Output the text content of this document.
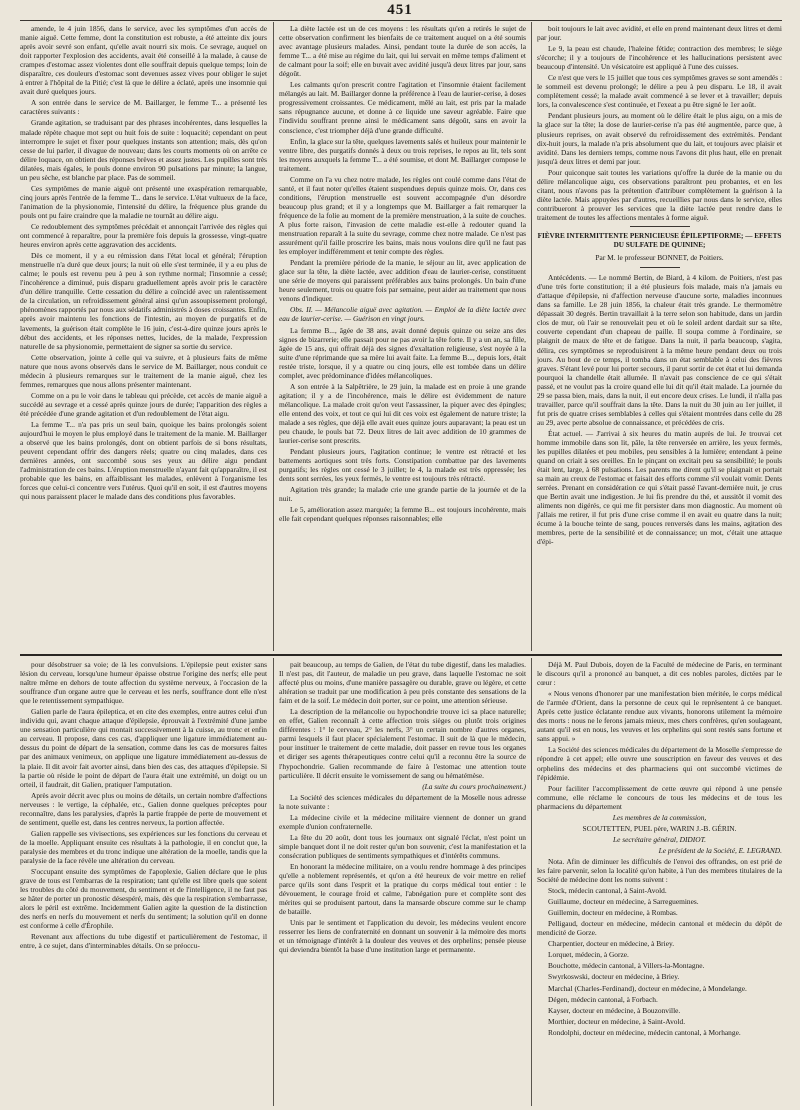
451

amende, le 4 juin 1856, dans le service, avec les symptômes d'un accès de manie aiguë. Cette femme, dont la constitution est robuste, a été atteinte dix jours après avoir sevré son enfant, qu'elle avait nourri six mois. Ce sevrage, auquel on doit rapporter l'explosion des accidents, avait été conseillé à la malade, à cause de crampes d'estomac assez violentes dont elle souffrait depuis quelque temps; loin de disparaître, ces douleurs d'estomac sont devenues assez vives pour obliger le sujet à entrer à l'hôpital de la Pitié; c'est là que le délire a éclaté, après une insomnie qui avait duré quelques jours.

A son entrée dans le service de M. Baillarger, le femme T... a présenté les caractères suivants :

Grande agitation, se traduisant par des phrases incohérentes, dans lesquelles la malade répète chaque mot sept ou huit fois de suite : loquacité; cependant on peut interrompre le sujet et fixer pour quelques instants son attention; mais, dès qu'on cesse de lui parler, il divague de nouveau; dans les courts moments où on arrête ce délire loquace, on obtient des réponses brèves et assez justes. Les pupilles sont très dilatées, mais égales, le pouls donne environ 90 pulsations par minute; la langue, un peu sèche, est blanche par place. Pas de sommeil.

Ces symptômes de manie aiguë ont présenté une exaspération remarquable, cinq jours après l'entrée de la femme T... dans le service. L'état vultueux de la face, l'animation de la physionomie, l'intensité du délire, la fréquence plus grande du pouls ont pu faire craindre que la maladie ne tournât au délire aigu.

Ce redoublement des symptômes précédait et annonçait l'arrivée des règles qui ont commencé à reparaître, pour la première fois depuis la grossesse, vingt-quatre heures environ après cette aggravation des accidents.

Dès ce moment, il y a eu rémission dans l'état local et général; l'éruption menstruelle n'a duré que deux jours; la nuit où elle s'est terminée, il y a eu plus de calme; le pouls est revenu peu à peu à son rythme normal; l'insomnie a cessé; l'incohérence a diminué, puis disparu graduellement après avoir pris le caractère d'un délire tranquille. Cette cessation du délire a coïncidé avec un ralentissement de la circulation, un refroidissement général ainsi qu'un assoupissement prolongé, phénomènes rapportés par nous aux sédatifs administrés à doses croissantes. Enfin, après avoir maintenu les fonctions de l'intestin, au moyen de purgatifs et de lavements, la guérison était complète le 16 juin, c'est-à-dire quinze jours après le début des accidents, et les réponses nettes, lucides, de la malade, l'expression naturelle de sa physionomie, permettaient de signer sa sortie du service.

Cette observation, jointe à celle qui va suivre, et à plusieurs faits de même nature que nous avons observés dans le service de M. Baillarger, nous conduit ce médecin à plusieurs remarques sur le traitement de la manie aiguë, chez les femmes, remarques que nous allons présenter maintenant.

Comme on a pu le voir dans le tableau qui précède, cet accès de manie aiguë a succédé au sevrage et a cessé après quinze jours de durée; l'apparition des règles a été précédée d'une grande agitation et d'un redoublement de l'état aigu.

La femme T... n'a pas pris un seul bain, quoique les bains prolongés soient aujourd'hui le moyen le plus employé dans le traitement de la manie. M. Baillarger a observé que les bains prolongés, dont on obtient parfois de si bons résultats, peuvent cependant offrir des dangers réels; quatre ou cinq malades, dans ces dernières années, ont succombé sous ses yeux au délire aigu pendant l'administration de ces bains. L'éruption menstruelle n'ayant fait qu'apparaître, il est probable que les bains, en affaiblissant les malades, enlèvent à l'organisme les forces que celui-ci concentre vers l'utérus. Quoi qu'il en soit, il est d'autres moyens qui nous paraissent placer le malade dans des conditions plus favorables.

La diète lactée est un de ces moyens : les résultats qu'en a retirés le sujet de cette observation confirment les bienfaits de ce traitement auquel on a été soumis avec avantage plusieurs malades. Ainsi, pendant toute la durée de son accès, la femme T... a été mise au régime du lait, qui lui servait en même temps d'aliment et de calmant pour la soif; elle en buvait avec avidité jusqu'à deux litres par jour, sans dégoût.

Les calmants qu'on prescrit contre l'agitation et l'insomnie étaient facilement mélangés au lait. M. Baillarger donne la préférence à l'eau de laurier-cerise, à doses progressivement croissantes. Ce médicament, mêlé au lait, est pris par la malade sans répugnance aucune, et donne à ce liquide une saveur agréable. Faire que l'individu souffrant prenne ainsi le médicament sans dégoût, sans en avoir la conscience, c'est triompher déjà d'une grande difficulté.

Enfin, la glace sur la tête, quelques lavements salés et huileux pour maintenir le ventre libre, des purgatifs donnés à deux ou trois reprises, le repos au lit, tels sont les moyens auxquels la femme T... a été soumise, et dont M. Baillarger compose le traitement.

Comme on l'a vu chez notre malade, les règles ont coulé comme dans l'état de santé, et il faut noter qu'elles étaient suspendues depuis quinze mois. Or, dans ces conditions, l'éruption menstruelle est souvent accompagnée d'un désordre beaucoup plus grand; et il y a longtemps que M. Baillarger a fait remarquer la fréquence de la folie au moment de la première menstruation, à la suite de couches. A plus forte raison, l'invasion de cette maladie est-elle à redouter quand la menstruation reparaît à la suite du sevrage, comme chez notre malade. Ce n'est pas assurément qu'il faille proscrire les bains, mais nous voulons dire qu'il ne faut pas les employer indifféremment et tenir compte des règles.

Pendant la première période de la manie, le séjour au lit, avec application de glace sur la tête, la diète lactée, avec addition d'eau de laurier-cerise, constituent une série de moyens qui paraissent préférables aux bains prolongés. Un bain d'une heure seulement, trois ou quatre fois par semaine, peut aider au traitement que nous venons d'indiquer.

Obs. II. — Mélancolie aiguë avec agitation. — Emploi de la diète lactée avec eau de laurier-cerise. — Guérison en vingt jours.

La femme B..., âgée de 38 ans, avait donné depuis quinze ou seize ans des signes de bizarrerie; elle passait pour ne pas avoir la tête forte. Il y a un an, sa fille, âgée de 15 ans, qui offrait déjà des signes d'exaltation religieuse, s'est noyée à la suite d'une réprimande que sa mère lui avait faite. La femme B..., depuis lors, était restée triste, lorsque, il y a quatre ou cinq jours, elle est tombée dans un délire complet, avec prédominance d'idées mélancoliques.

A son entrée à la Salpêtrière, le 29 juin, la malade est en proie à une grande agitation; il y a de l'incohérence, mais le délire est évidemment de nature mélancolique. La malade croit qu'on veut l'assassiner, la piquer avec des épingles; elle entend des voix, et tout ce qui lui dit ces voix est également de nature triste; la malade a ses règles, que déjà elle avait eues quinze jours auparavant; la peau est un peu chaude, le pouls bat 72. Deux litres de lait avec addition de 10 grammes de laurier-cerise sont prescrits.

Pendant plusieurs jours, l'agitation continue; le ventre est rétracté et les battements aortiques sont très forts. Constipation combattue par des lavements purgatifs; les règles ont cessé le 3 juillet; le 4, la malade est très oppressée; les dents sont serrées, les yeux fermés, le ventre est toujours très rétracté.

Agitation très grande; la malade crie une grande partie de la journée et de la nuit.

Le 5, amélioration assez marquée; la femme B... est toujours incohérente, mais elle fait cependant quelques réponses raisonnables; elle

boit toujours le lait avec avidité, et elle en prend maintenant deux litres et demi par jour.

Le 9, la peau est chaude, l'haleine fétide; contraction des membres; le siège s'écorche; il y a toujours de l'incohérence et les hallucinations persistent avec beaucoup d'intensité. Un vésicatoire est appliqué à l'une des cuisses.

Ce n'est que vers le 15 juillet que tous ces symptômes graves se sont amendés : le sommeil est devenu prolongé; le délire a peu à peu disparu. Le 18, il avait complètement cessé; la malade avait commencé à se lever et à travailler; depuis lors, la convalescence s'est continuée, et l'exeat a pu être signé le 1er août.

Pendant plusieurs jours, au moment où le délire était le plus aigu, on a mis de la glace sur la tête; la dose de laurier-cerise n'a pas été augmentée, parce que, à plusieurs reprises, on avait observé du refroidissement des extrémités. Pendant dix-huit jours, la malade n'a pris absolument que du lait, et toujours avec plaisir et avidité. Dans les derniers temps, comme nous l'avons dit plus haut, elle en prenait jusqu'à deux litres et demi par jour.

Pour quiconque sait toutes les variations qu'offre la durée de la manie ou du délire mélancolique aigu, ces observations paraîtront peu probantes, et en les citant, nous n'avons pas la prétention d'attribuer complètement la guérison à la diète lactée. Mais appuyées par d'autres, recueillies par nous dans le service, elles contribueront à prouver les services que la diète lactée peut rendre dans le traitement de toutes les affections mentales à forme aiguë.

FIÈVRE INTERMITTENTE PERNICIEUSE ÉPILEPTIFORME; — EFFETS DU SULFATE DE QUININE;

Par M. le professeur BONNET, de Poitiers.

Antécédents. — Le nommé Bertin, de Biard, à 4 kilom. de Poitiers, n'est pas d'une très forte constitution; il a été plusieurs fois malade, mais n'a jamais eu d'attaque d'épilepsie, ni d'affection nerveuse d'aucune sorte, maladies inconnues dans sa famille. Le 28 juin 1856, la chaleur était très grande. Le thermomètre dépassait 30 degrés. Bertin travaillait à la terre selon son habitude, dans un jardin clos de mur, où l'air se renouvelait peu et où le soleil ardent dardait sur sa tête, couverte cependant d'un chapeau de paille. Il soupa comme à l'ordinaire, se plaignit de maux de tête et de fatigue. Dans la nuit, il parla beaucoup, s'agita, délira, ces symptômes se reproduisirent à la même heure pendant deux ou trois jours. Au bout de ce temps, il tomba dans un état semblable à celui des fièvres graves. S'étant levé pour lui porter secours, il parut sortir de cet état et lui demanda pourquoi la chandelle était allumée. Il n'avait pas conscience de ce qui s'était passé, et ne voulut pas la croire quand elle lui dit qu'il était malade. La journée du 29 se passa bien, mais, dans la nuit, il eut encore deux crises. Le lundi, il n'alla pas travailler, parce qu'il souffrait dans la tête. Dans la nuit du 30 juin au 1er juillet, il fut pris de quatre crises semblables à celles qui s'étaient montrées dans celle du 28 au 29, avec perte absolue de connaissance, et précédées de cris.

État actuel. — J'arrivai à six heures du matin auprès de lui. Je trouvai cet homme immobile dans son lit, pâle, la tête renversée en arrière, les yeux fermés, les pupilles dilatées et peu mobiles, peu sensibles à la lumière; entendant à peine quand on criait à ses oreilles. En le pinçant on excitait peu sa sensibilité; le pouls était lent, large, à 68 pulsations. Les parents me dirent qu'il se plaignait et portait sa main au creux de l'estomac et faisait des efforts comme s'il voulait vomir. Dents serrées. Prenant en considération ce qui s'était passé l'avant-dernière nuit, je crus que Bertin avait une indigestion. Je lui fis prendre du thé, et aussitôt il vomit des aliments non digérés, ce qui me fit persister dans mon diagnostic. Au moment où j'allais me retirer, il fut pris d'une crise comme il en avait eu quatre dans la nuit; écume à la bouche teinte de sang, pouces renversés dans les mains, agitation des membres, perte de la sensibilité et de connaissance; un mot, c'était une attaque d'épi-

pour désobstruer sa voie; de là les convulsions. L'épilepsie peut exister sans lésion du cerveau, lorsqu'une humeur épaisse obstrue l'origine des nerfs; elle peut naître même en dehors de toute affection du système nerveux, à l'occasion de la souffrance d'un organe autre que le cerveau et les nerfs, souffrance dont elle n'est que le retentissement sympathique.

Galien parle de l'aura épileptica, et en cite des exemples, entre autres celui d'un individu qui, avant chaque attaque d'épilepsie, éprouvait à l'extrémité d'une jambe une sensation particulière qui montait successivement à la cuisse, au tronc et enfin au cerveau. Il propose, dans ces cas, d'appliquer une ligature immédiatement au-dessus du point de départ de la sensation, comme dans les cas de morsures faites par des animaux venimeux, on applique une ligature immédiatement au-dessus de la plaie. Il dit avoir fait avorter ainsi, dans bien des cas, des attaques d'épilepsie. Si la partie où réside le point de départ de l'aura était une extrémité, un doigt ou un orteil, il faudrait, dit Galien, pratiquer l'amputation.

Après avoir décrit avec plus ou moins de détails, un certain nombre d'affections nerveuses : le vertige, la céphalée, etc., Galien donne quelques préceptes pour reconnaître, dans les paralysies, d'après la partie frappée de perte de mouvement et de sentiment, quelle est, dans les centres nerveux, la portion affectée.

Galien rappelle ses vivisections, ses expériences sur les fonctions du cerveau et de la moelle. Appliquant ensuite ces résultats à la pathologie, il en conclut que, la paralysie des membres et du tronc indique une altération de la moelle, tandis que la paralysie de la face révèle une altération du cerveau.

S'occupant ensuite des symptômes de l'apoplexie, Galien déclare que le plus grave de tous est l'embarras de la respiration; tant qu'elle est libre quels que soient les troubles du côté du mouvement, du sentiment et de l'intelligence, il ne faut pas se hâter de porter un pronostic désespéré, mais, dès que la respiration s'embarrasse, alors le péril est extrême. Incidemment Galien agite la question de la distinction des nerfs en nerfs du mouvement et nerfs du sentiment; la solution qu'il en donne est conforme à celle d'Érophile.

Revenant aux affections du tube digestif et particulièrement de l'estomac, il entre, à ce sujet, dans d'interminables détails. On se préoccu-

pait beaucoup, au temps de Galien, de l'état du tube digestif, dans les maladies. Il n'est pas, dit l'auteur, de maladie un peu grave, dans laquelle l'estomac ne soit affecté plus ou moins, d'une manière passagère ou durable, grave ou légère, et cette altération se traduit par une modification à peu près constante des sensations de la faim et de la soif. Le médecin doit porter, sur ce point, une attention sérieuse.

La description de la mélancolie ou hypochondrie trouve ici sa place naturelle; en effet, Galien reconnaît à cette affection trois sièges ou plutôt trois origines différentes : 1° le cerveau, 2° les nerfs, 3° un certain nombre d'autres organes, parmi lesquels il faut placer spécialement l'estomac. Il suit de là que le médecin, pour instituer le traitement de cette maladie, doit passer en revue tous les organes et diriger ses agents thérapeutiques contre celui qu'il a reconnu être la source de l'hypochondrie. Galien recommande de faire à l'estomac une attention toute particulière. Il décrit ensuite le vomissement de sang ou hématémèse.

(La suite du cours prochainement.)

La Société des sciences médicales du département de la Moselle nous adresse la note suivante :

La médecine civile et la médecine militaire viennent de donner un grand exemple d'union confraternelle.

La fête du 20 août, dont tous les journaux ont signalé l'éclat, n'est point un simple banquet dont il ne doit rester qu'un bon souvenir, c'est la manifestation et la consécration publiques de sentiments sympathiques et d'intérêts communs.

En honorant la médecine militaire, on a voulu rendre hommage à des principes qu'elle a noblement représentés, et qu'on a été heureux de voir mettre en relief parce qu'ils sont dans l'esprit et la pratique du corps médical tout entier : le dévouement, le courage froid et calme, l'abnégation pure et complète sont des mérites qui se produisent partout, dans la mansarde obscure comme sur le champ de bataille.

Unis par le sentiment et l'application du devoir, les médecins veulent encore resserrer les liens de confraternité en donnant un souvenir à la mémoire des morts et un témoignage d'intérêt à la douleur des veuves et des orphelins; pensée pieuse qui deviendra bientôt la base d'une institution large et permanente.

Déjà M. Paul Dubois, doyen de la Faculté de médecine de Paris, en terminant le discours qu'il a prononcé au banquet, a dit ces nobles paroles, dictées par le cœur :

« Nous venons d'honorer par une manifestation bien méritée, le corps médical de l'armée d'Orient, dans la personne de ceux qui le représentent à ce banquet. Après cette justice éclatante rendue aux vivants, honorons utilement la mémoire des morts : nous ne le ferons jamais mieux, mes chers confrères, qu'en soulageant, autant qu'il est en nous, les veuves et les orphelins qui sont restés sans fortune et sans appui. »

La Société des sciences médicales du département de la Moselle s'empresse de répondre à cet appel; elle ouvre une souscription en faveur des veuves et des orphelins des médecins et des pharmaciens qui ont succombé victimes de l'épidémie.

Pour faciliter l'accomplissement de cette œuvre qui répond à une pensée commune, elle réclame le concours de tous les médecins et de tous les pharmaciens du département

Les membres de la commission,

SCOUTETTEN, PUEL père, WARIN J.-B. GÉRIN.

Le secrétaire général, DIDIOT.

Le président de la Société, E. LEGRAND.

Nota. Afin de diminuer les difficultés de l'envoi des offrandes, on est prié de les faire parvenir, selon la localité qu'on habite, à l'un des membres titulaires de la Société de médecine dont les noms suivent :

Stock, médecin cantonal, à Saint-Avold.

Guillaume, docteur en médecine, à Sarreguemines.

Guillemin, docteur en médecine, à Rombas.

Pelligaud, docteur en médecine, médecin cantonal et médecin du dépôt de mendicité de Gorze.

Charpentier, docteur en médecine, à Briey.

Lorquet, médecin, à Gorze.

Bouchotte, médecin cantonal, à Villers-la-Montagne.

Swyrkoswski, docteur en médecine, à Briey.

Marchal (Charles-Ferdinand), docteur en médecine, à Mondelange.

Dégen, médecin cantonal, à Forbach.

Kayser, docteur en médecine, à Bouzonville.

Morthier, docteur en médecine, à Saint-Avold.

Rondolphi, docteur en médecine, médecin cantonal, à Morhange.
